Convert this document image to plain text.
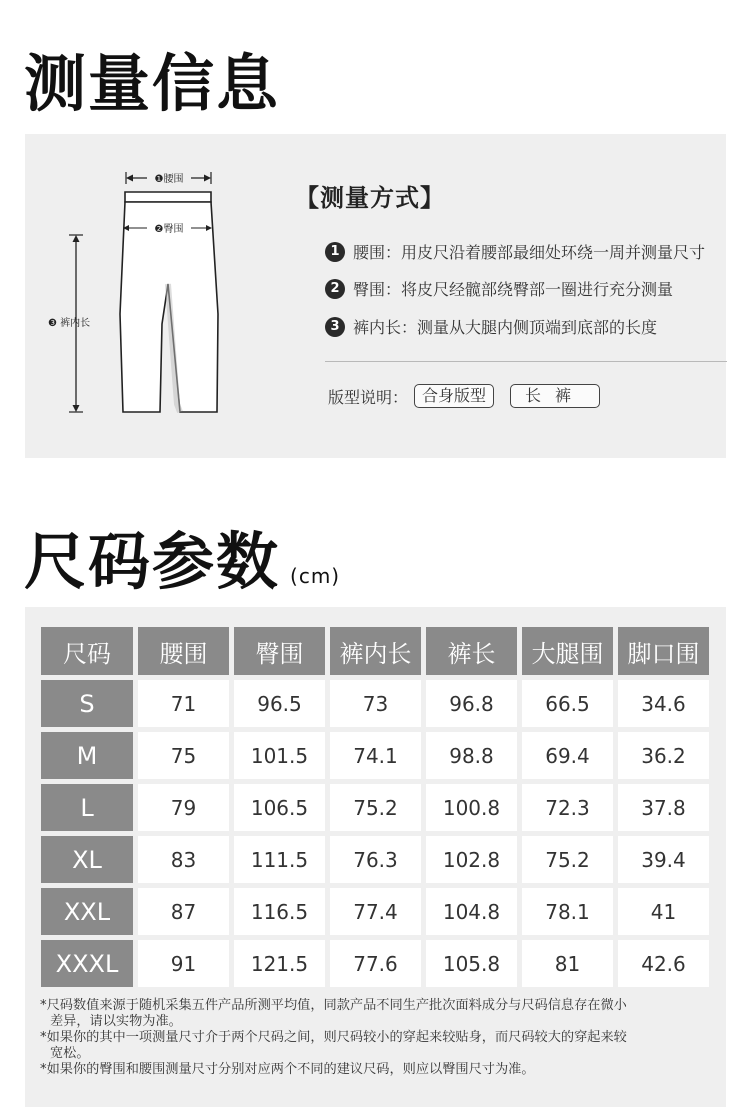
测量信息
❶腰围
❷臀围
❸ 裤内长
【测量方式】
1 腰围：用皮尺沿着腰部最细处环绕一周并测量尺寸
2 臀围：将皮尺经髋部绕臀部一圈进行充分测量
3 裤内长：测量从大腿内侧顶端到底部的长度
版型说明： 合身版型	长裤
尺码参数 (cm)
尺码	腰围	臀围	裤内长	裤长	大腿围	脚口围
S	71	96.5	73	96.8	66.5	34.6
M	75	101.5	74.1	98.8	69.4	36.2
L	79	106.5	75.2	100.8	72.3	37.8
XL	83	111.5	76.3	102.8	75.2	39.4
XXL	87	116.5	77.4	104.8	78.1	41
XXXL	91	121.5	77.6	105.8	81	42.6
*尺码数值来源于随机采集五件产品所测平均值，同款产品不同生产批次面料成分与尺码信息存在微小
差异，请以实物为准。
*如果你的其中一项测量尺寸介于两个尺码之间，则尺码较小的穿起来较贴身，而尺码较大的穿起来较
宽松。
*如果你的臀围和腰围测量尺寸分别对应两个不同的建议尺码，则应以臀围尺寸为准。
